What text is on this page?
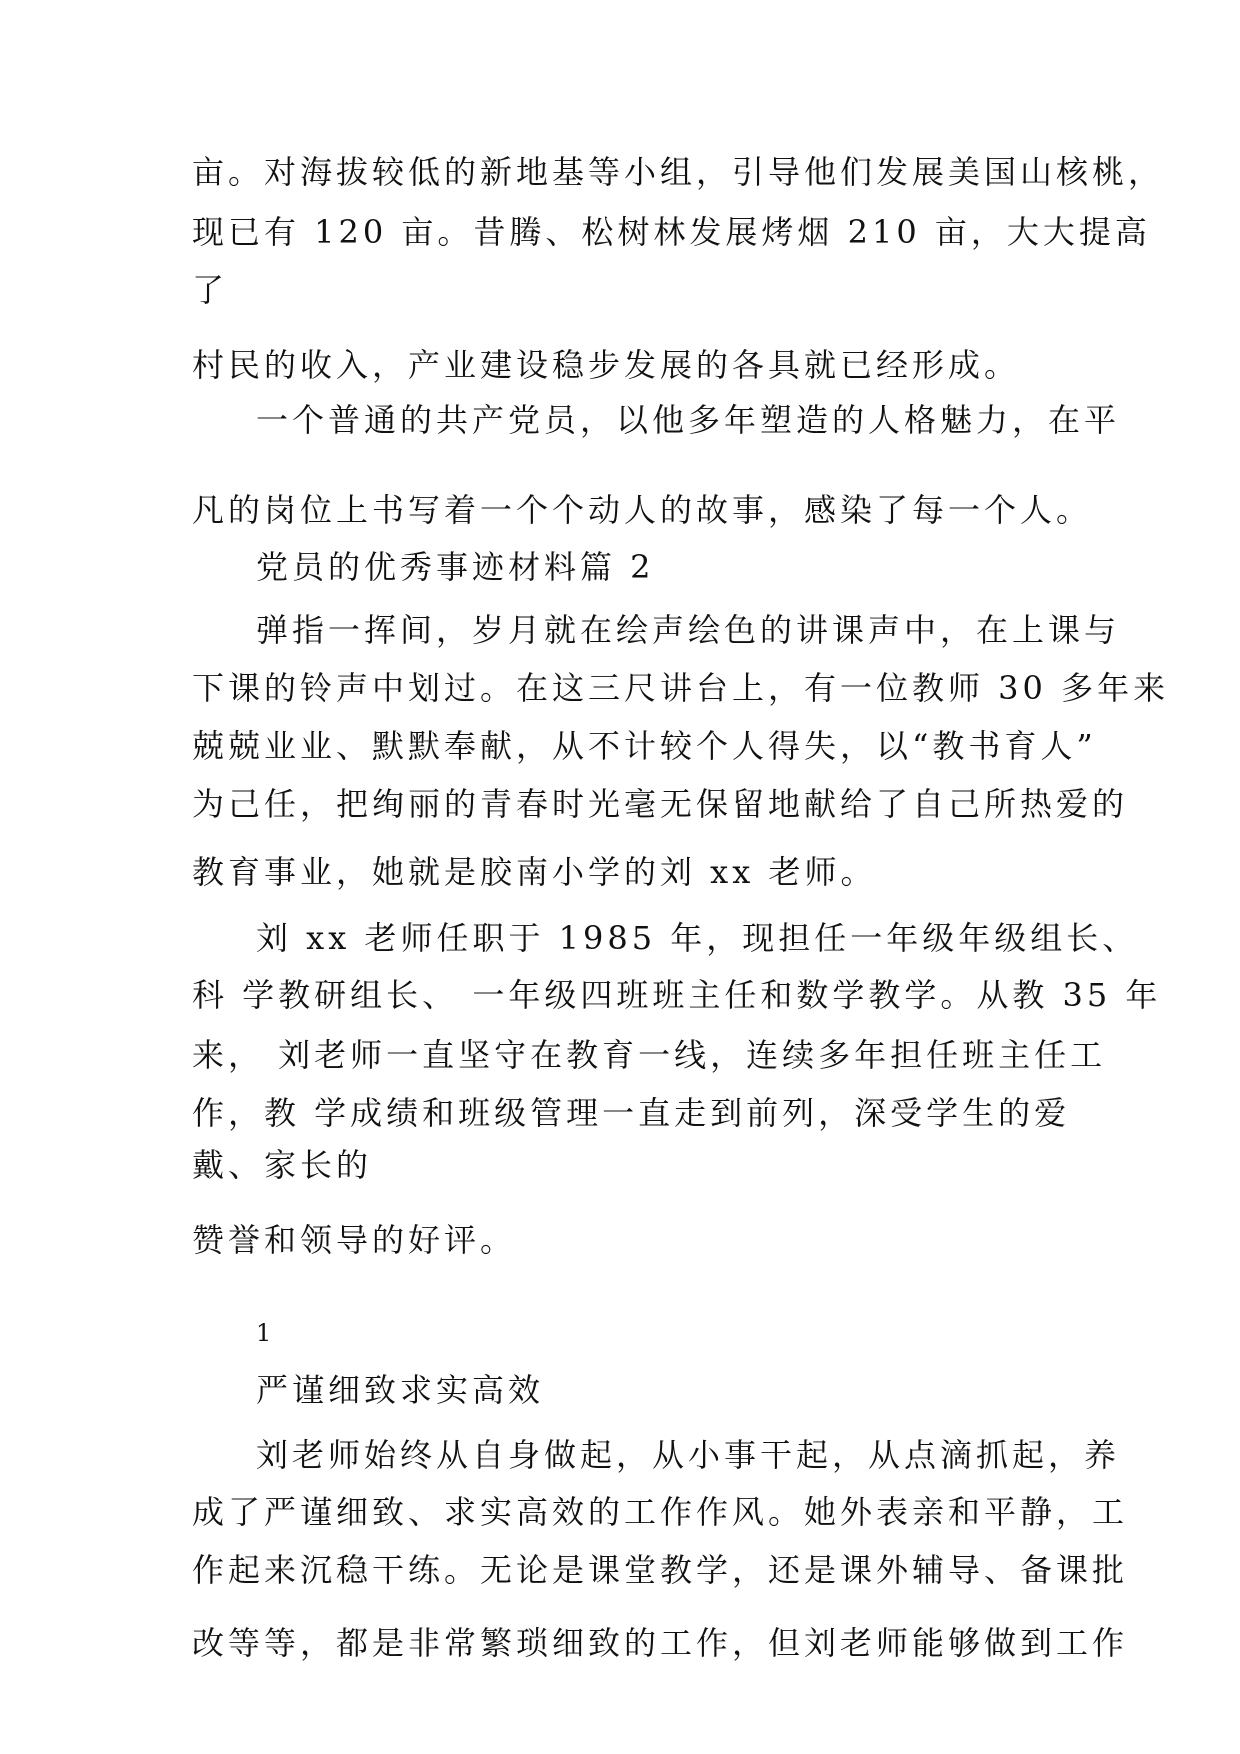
亩。对海拔较低的新地基等小组，引导他们发展美国山核桃，
现已有 120 亩。昔腾、松树林发展烤烟 210 亩，大大提高
了
村民的收入，产业建设稳步发展的各具就已经形成。
一个普通的共产党员，以他多年塑造的人格魅力，在平
凡的岗位上书写着一个个动人的故事，感染了每一个人。
党员的优秀事迹材料篇 2
弹指一挥间，岁月就在绘声绘色的讲课声中，在上课与
下课的铃声中划过。在这三尺讲台上，有一位教师 30 多年来
兢兢业业、默默奉献，从不计较个人得失，以“教书育人”
为己任，把绚丽的青春时光毫无保留地献给了自己所热爱的
教育事业，她就是胶南小学的刘 xx 老师。
刘 xx 老师任职于 1985 年，现担任一年级年级组长、
科 学教研组长、 一年级四班班主任和数学教学。从教 35 年
来， 刘老师一直坚守在教育一线，连续多年担任班主任工
作，教 学成绩和班级管理一直走到前列，深受学生的爱
戴、家长的
赞誉和领导的好评。
1
严谨细致求实高效
刘老师始终从自身做起，从小事干起，从点滴抓起，养
成了严谨细致、求实高效的工作作风。她外表亲和平静，工
作起来沉稳干练。无论是课堂教学，还是课外辅导、备课批
改等等，都是非常繁琐细致的工作，但刘老师能够做到工作
